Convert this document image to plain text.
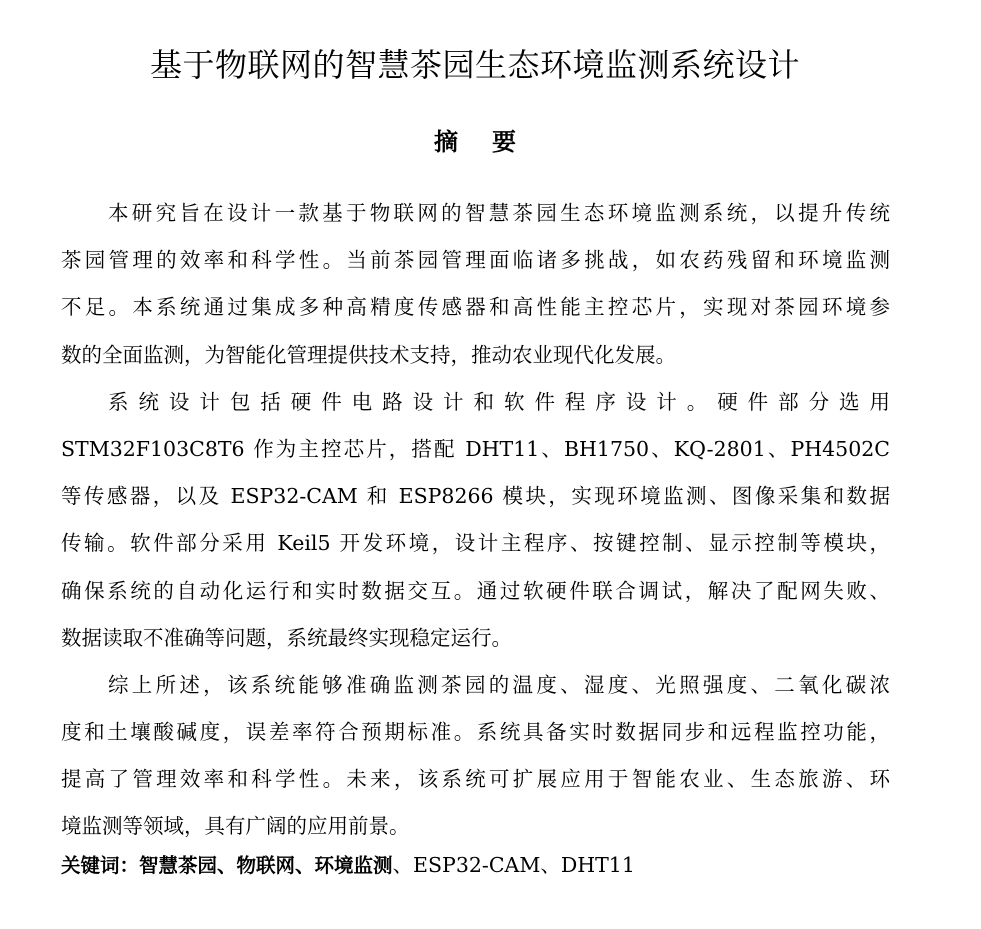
基于物联网的智慧茶园生态环境监测系统设计
摘要
本研究旨在设计一款基于物联网的智慧茶园生态环境监测系统，以提升传统
茶园管理的效率和科学性。当前茶园管理面临诸多挑战，如农药残留和环境监测
不足。本系统通过集成多种高精度传感器和高性能主控芯片，实现对茶园环境参
数的全面监测，为智能化管理提供技术支持，推动农业现代化发展。
系统设计包括硬件电路设计和软件程序设计。硬件部分选用
STM32F103C8T6 作为主控芯片，搭配 DHT11、BH1750、KQ-2801、PH4502C
等传感器，以及 ESP32-CAM 和 ESP8266 模块，实现环境监测、图像采集和数据
传输。软件部分采用 Keil5 开发环境，设计主程序、按键控制、显示控制等模块，
确保系统的自动化运行和实时数据交互。通过软硬件联合调试，解决了配网失败、
数据读取不准确等问题，系统最终实现稳定运行。
综上所述，该系统能够准确监测茶园的温度、湿度、光照强度、二氧化碳浓
度和土壤酸碱度，误差率符合预期标准。系统具备实时数据同步和远程监控功能，
提高了管理效率和科学性。未来，该系统可扩展应用于智能农业、生态旅游、环
境监测等领域，具有广阔的应用前景。
关键词：智慧茶园、物联网、环境监测、ESP32-CAM、DHT11
